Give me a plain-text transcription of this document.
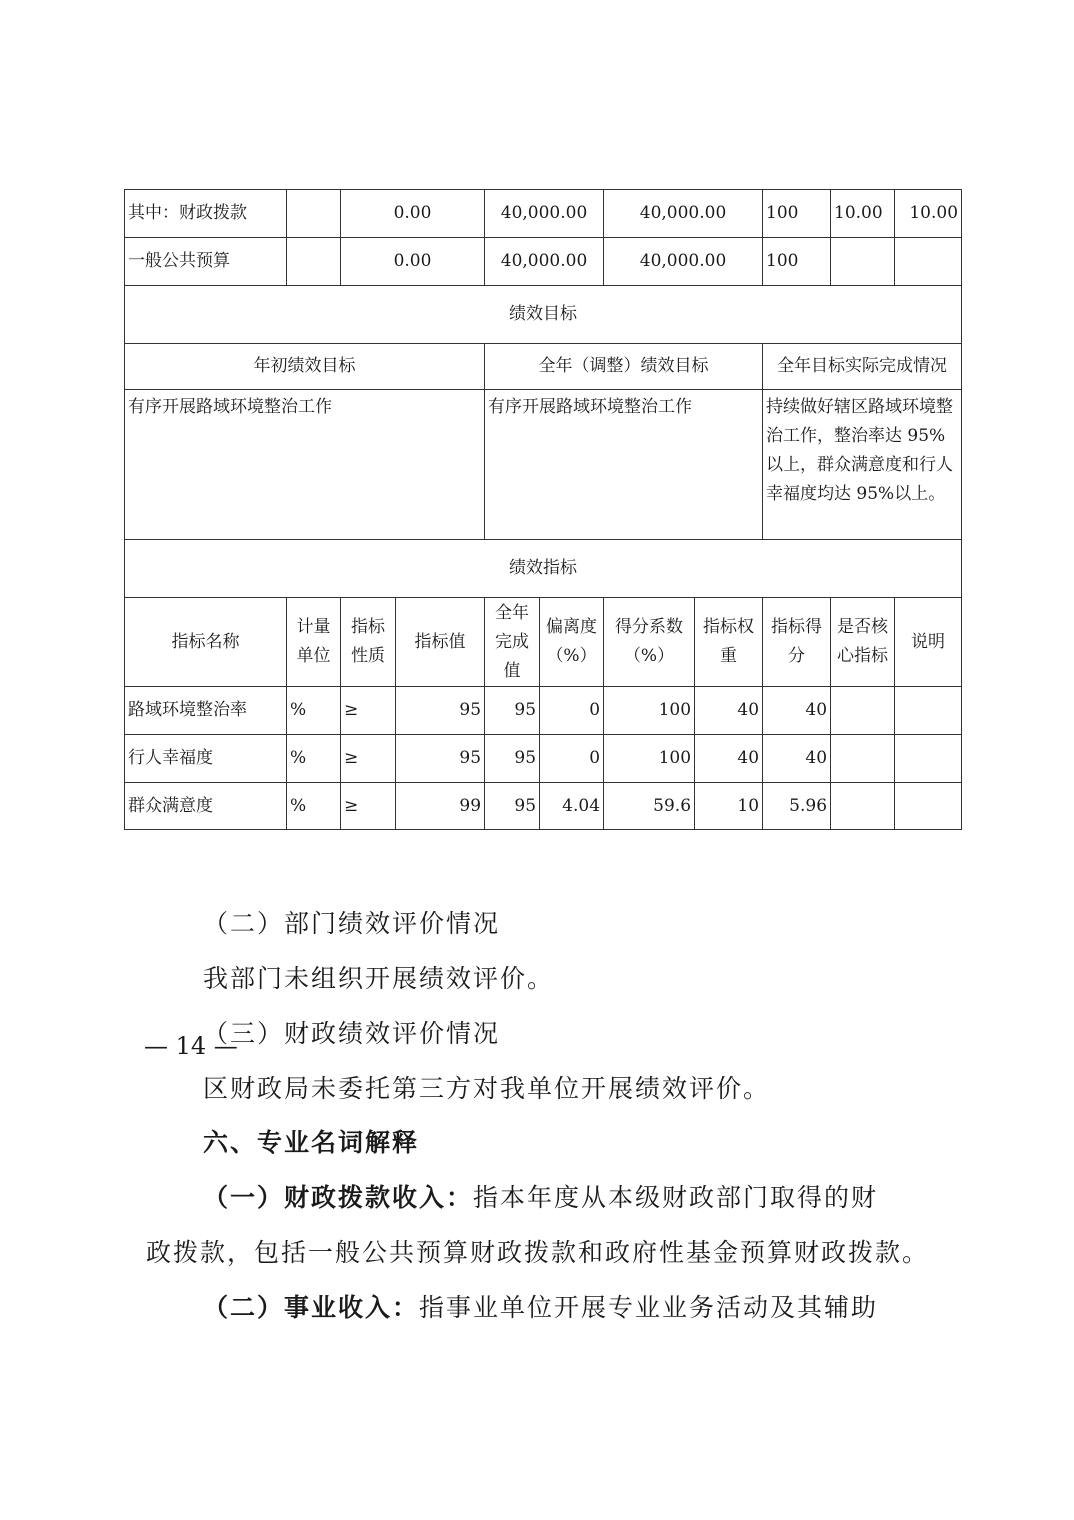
其中：财政拨款		0.00		40,000.00		40,000.00		100	10.00	10.00
一般公共预算		0.00		40,000.00		40,000.00		100		
绩效目标										
年初绩效目标				全年（调整）绩效目标				全年目标实际完成情况		
有序开展路域环境整治工作				有序开展路域环境整治工作				持续做好辖区路域环境整治工作，整治率达 95%以上，群众满意度和行人幸福度均达 95%以上。		
绩效指标										
指标名称	计量单位	指标性质	指标值	全年完成值	偏离度（%）	得分系数（%）	指标权重	指标得分	是否核心指标	说明
路域环境整治率	%	≥	95	95	0	100	40	40		
行人幸福度	%	≥	95	95	0	100	40	40		
群众满意度	%	≥	99	95	4.04	59.6	10	5.96		

（二）部门绩效评价情况

我部门未组织开展绩效评价。

（三）财政绩效评价情况

区财政局未委托第三方对我单位开展绩效评价。

六、专业名词解释

（一）财政拨款收入：指本年度从本级财政部门取得的财

政拨款，包括一般公共预算财政拨款和政府性基金预算财政拨款。

（二）事业收入：指事业单位开展专业业务活动及其辅助

— 14 —
